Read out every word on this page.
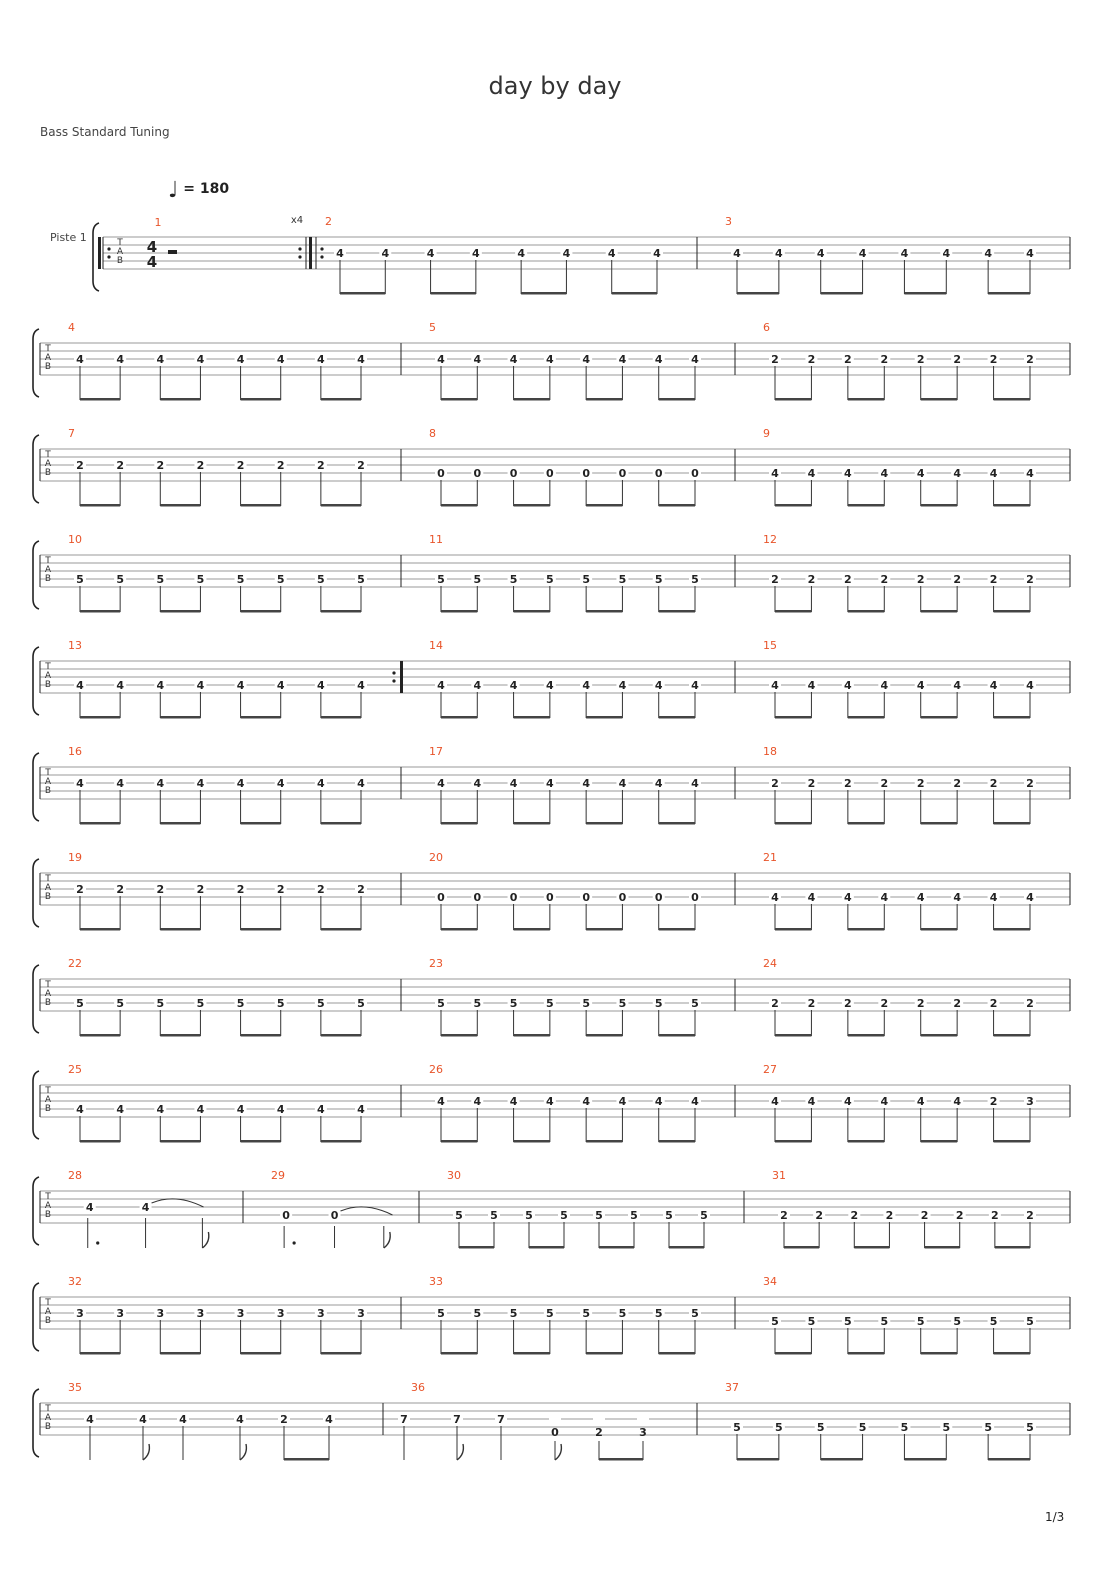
day by day
Bass Standard Tuning
♩ = 180
1/3
T
A
B
Piste 1
4
4
1	x4 2
4	4	4	4	4	4	4	4
3
4	4	4	4	4	4	4	4
T
A
B
4
4	4	4	4	4	4	4	4
5
4	4	4	4	4	4	4	4
6
2	2	2	2	2	2	2	2
T
A
B
7
2	2	2	2	2	2	2	2
8
0	0	0	0	0	0	0	0
9
4	4	4	4	4	4	4	4
T
A
B
10
5	5	5	5	5	5	5	5
11
5	5	5	5	5	5	5	5
12
2	2	2	2	2	2	2	2
T
A
B
13
4	4	4	4	4	4	4	4
14
4	4	4	4	4	4	4	4
15
4	4	4	4	4	4	4	4
T
A
B
16
4	4	4	4	4	4	4	4
17
4	4	4	4	4	4	4	4
18
2	2	2	2	2	2	2	2
T
A
B
19
2	2	2	2	2	2	2	2
20
0	0	0	0	0	0	0	0
21
4	4	4	4	4	4	4	4
T
A
B
22
5	5	5	5	5	5	5	5
23
5	5	5	5	5	5	5	5
24
2	2	2	2	2	2	2	2
T
A
B
25
4	4	4	4	4	4	4	4
26
4	4	4	4	4	4	4	4
27
4	4	4	4	4	4	2	3
T
A
B
28
4	4
29
0	0
30
5 5 5 5 5 5 5 5
31
2 2 2 2 2 2 2 2
T
A
B
32
3	3	3	3	3	3	3	3
33
5	5	5	5	5	5	5	5
34
5	5	5	5	5	5	5	5
T
A
B
35
4	4	4	4	2	4
36
7	7	7
0	2	3
37
5	5	5	5	5	5	5	5
